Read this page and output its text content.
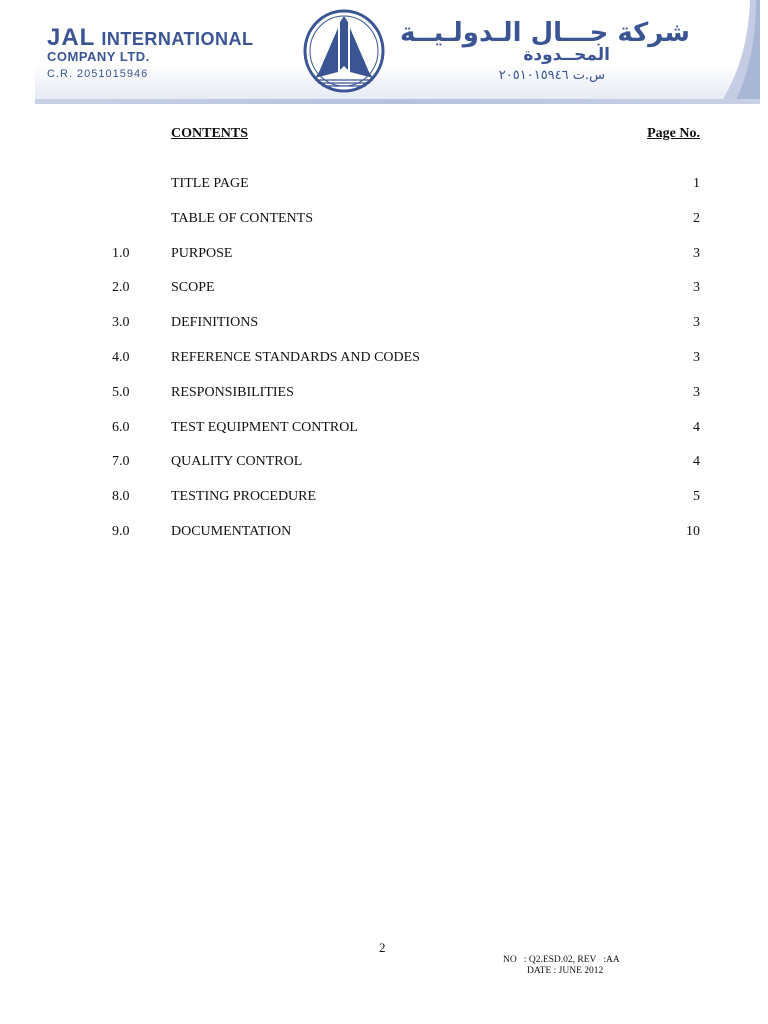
JAL INTERNATIONAL
COMPANY LTD.
C.R. 2051015946
شركة جـــال الـدولـيــة
المحــدودة
س.ت ٢٠٥١٠١٥٩٤٦
CONTENTS	Page No.
TITLE PAGE	1
TABLE OF CONTENTS	2
1.0	PURPOSE	3
2.0	SCOPE	3
3.0	DEFINITIONS	3
4.0	REFERENCE STANDARDS AND CODES	3
5.0	RESPONSIBILITIES	3
6.0	TEST EQUIPMENT CONTROL	4
7.0	QUALITY CONTROL	4
8.0	TESTING PROCEDURE	5
9.0	DOCUMENTATION	10
2
NO   : Q2.ESD.02, REV   :AA
DATE : JUNE 2012
